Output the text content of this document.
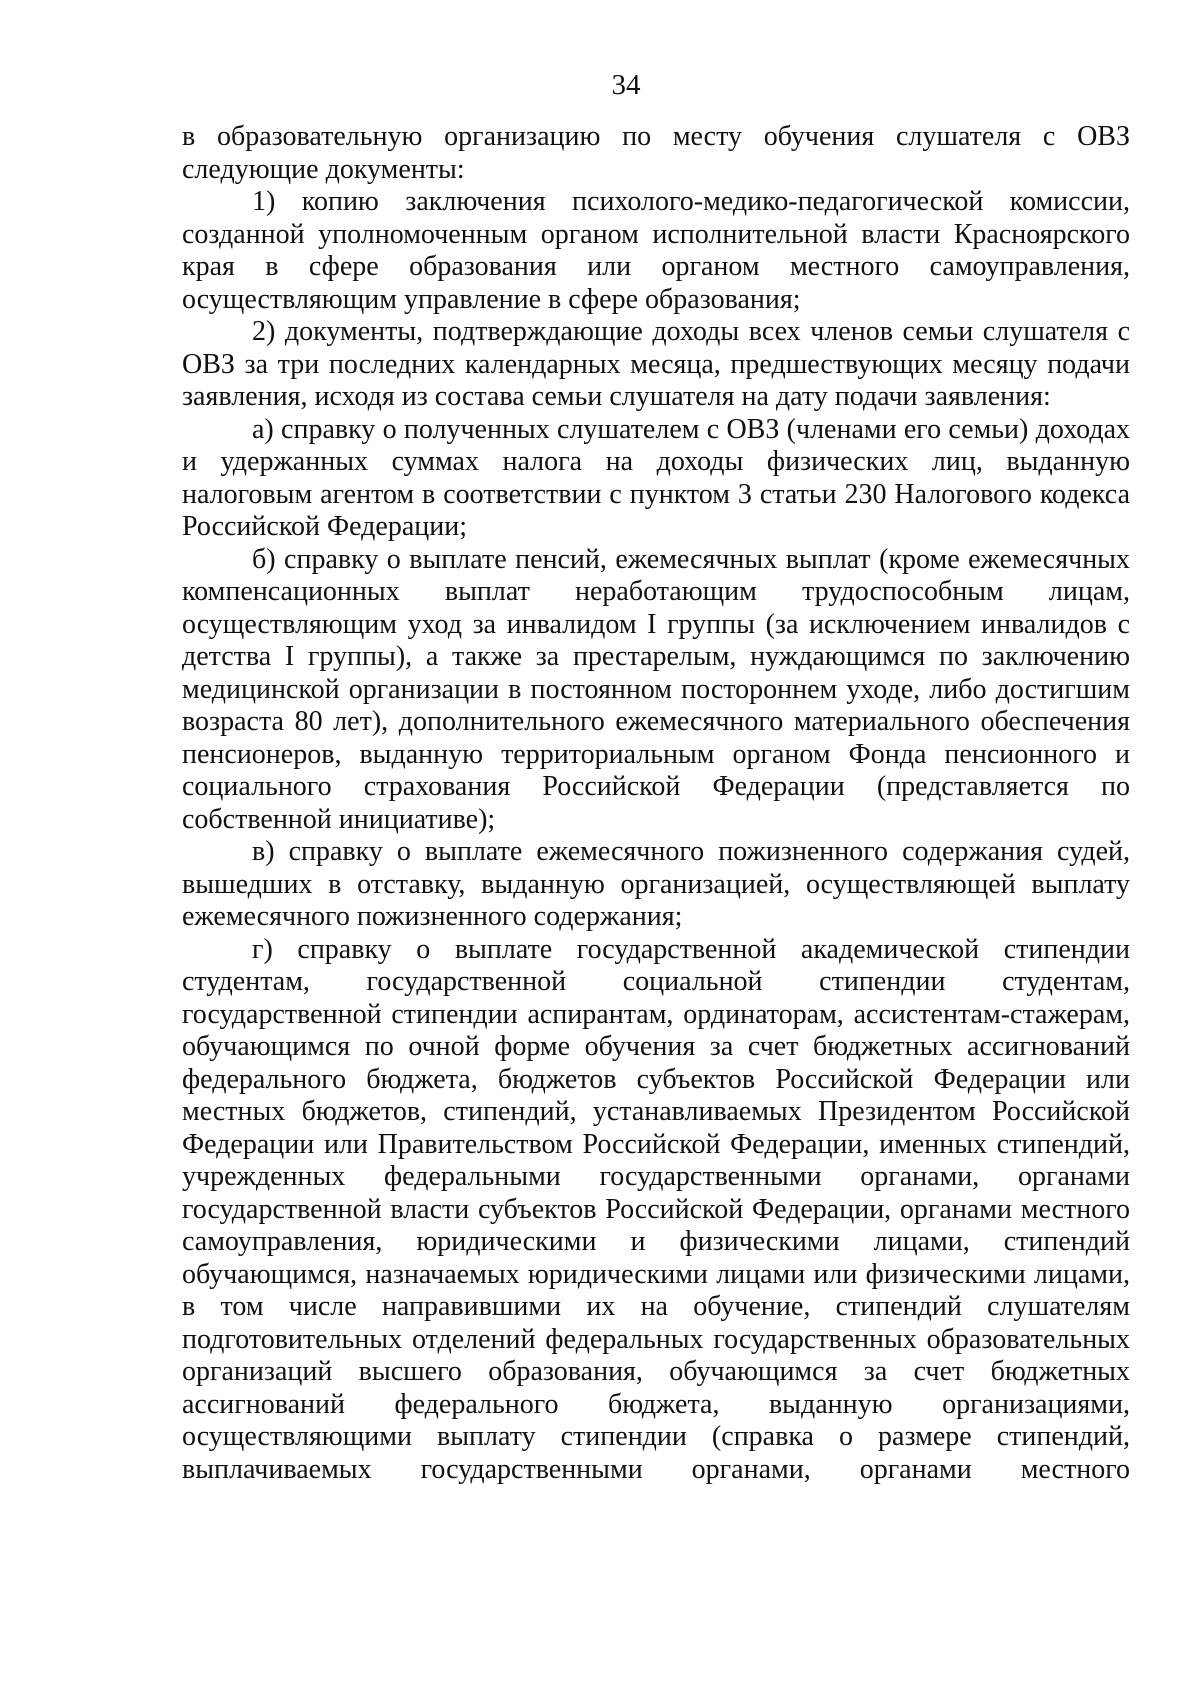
34

в образовательную организацию по месту обучения слушателя с ОВЗ следующие документы:

1) копию заключения психолого-медико-педагогической комиссии, созданной уполномоченным органом исполнительной власти Красноярского края в сфере образования или органом местного самоуправления, осуществляющим управление в сфере образования;

2) документы, подтверждающие доходы всех членов семьи слушателя с ОВЗ за три последних календарных месяца, предшествующих месяцу подачи заявления, исходя из состава семьи слушателя на дату подачи заявления:

а) справку о полученных слушателем с ОВЗ (членами его семьи) доходах и удержанных суммах налога на доходы физических лиц, выданную налоговым агентом в соответствии с пунктом 3 статьи 230 Налогового кодекса Российской Федерации;

б) справку о выплате пенсий, ежемесячных выплат (кроме ежемесячных компенсационных выплат неработающим трудоспособным лицам, осуществляющим уход за инвалидом I группы (за исключением инвалидов с детства I группы), а также за престарелым, нуждающимся по заключению медицинской организации в постоянном постороннем уходе, либо достигшим возраста 80 лет), дополнительного ежемесячного материального обеспечения пенсионеров, выданную территориальным органом Фонда пенсионного и социального страхования Российской Федерации (представляется по собственной инициативе);

в) справку о выплате ежемесячного пожизненного содержания судей, вышедших в отставку, выданную организацией, осуществляющей выплату ежемесячного пожизненного содержания;

г) справку о выплате государственной академической стипендии студентам, государственной социальной стипендии студентам, государственной стипендии аспирантам, ординаторам, ассистентам-стажерам, обучающимся по очной форме обучения за счет бюджетных ассигнований федерального бюджета, бюджетов субъектов Российской Федерации или местных бюджетов, стипендий, устанавливаемых Президентом Российской Федерации или Правительством Российской Федерации, именных стипендий, учрежденных федеральными государственными органами, органами государственной власти субъектов Российской Федерации, органами местного самоуправления, юридическими и физическими лицами, стипендий обучающимся, назначаемых юридическими лицами или физическими лицами, в том числе направившими их на обучение, стипендий слушателям подготовительных отделений федеральных государственных образовательных организаций высшего образования, обучающимся за счет бюджетных ассигнований федерального бюджета, выданную организациями, осуществляющими выплату стипендии (справка о размере стипендий, выплачиваемых государственными органами, органами местного
